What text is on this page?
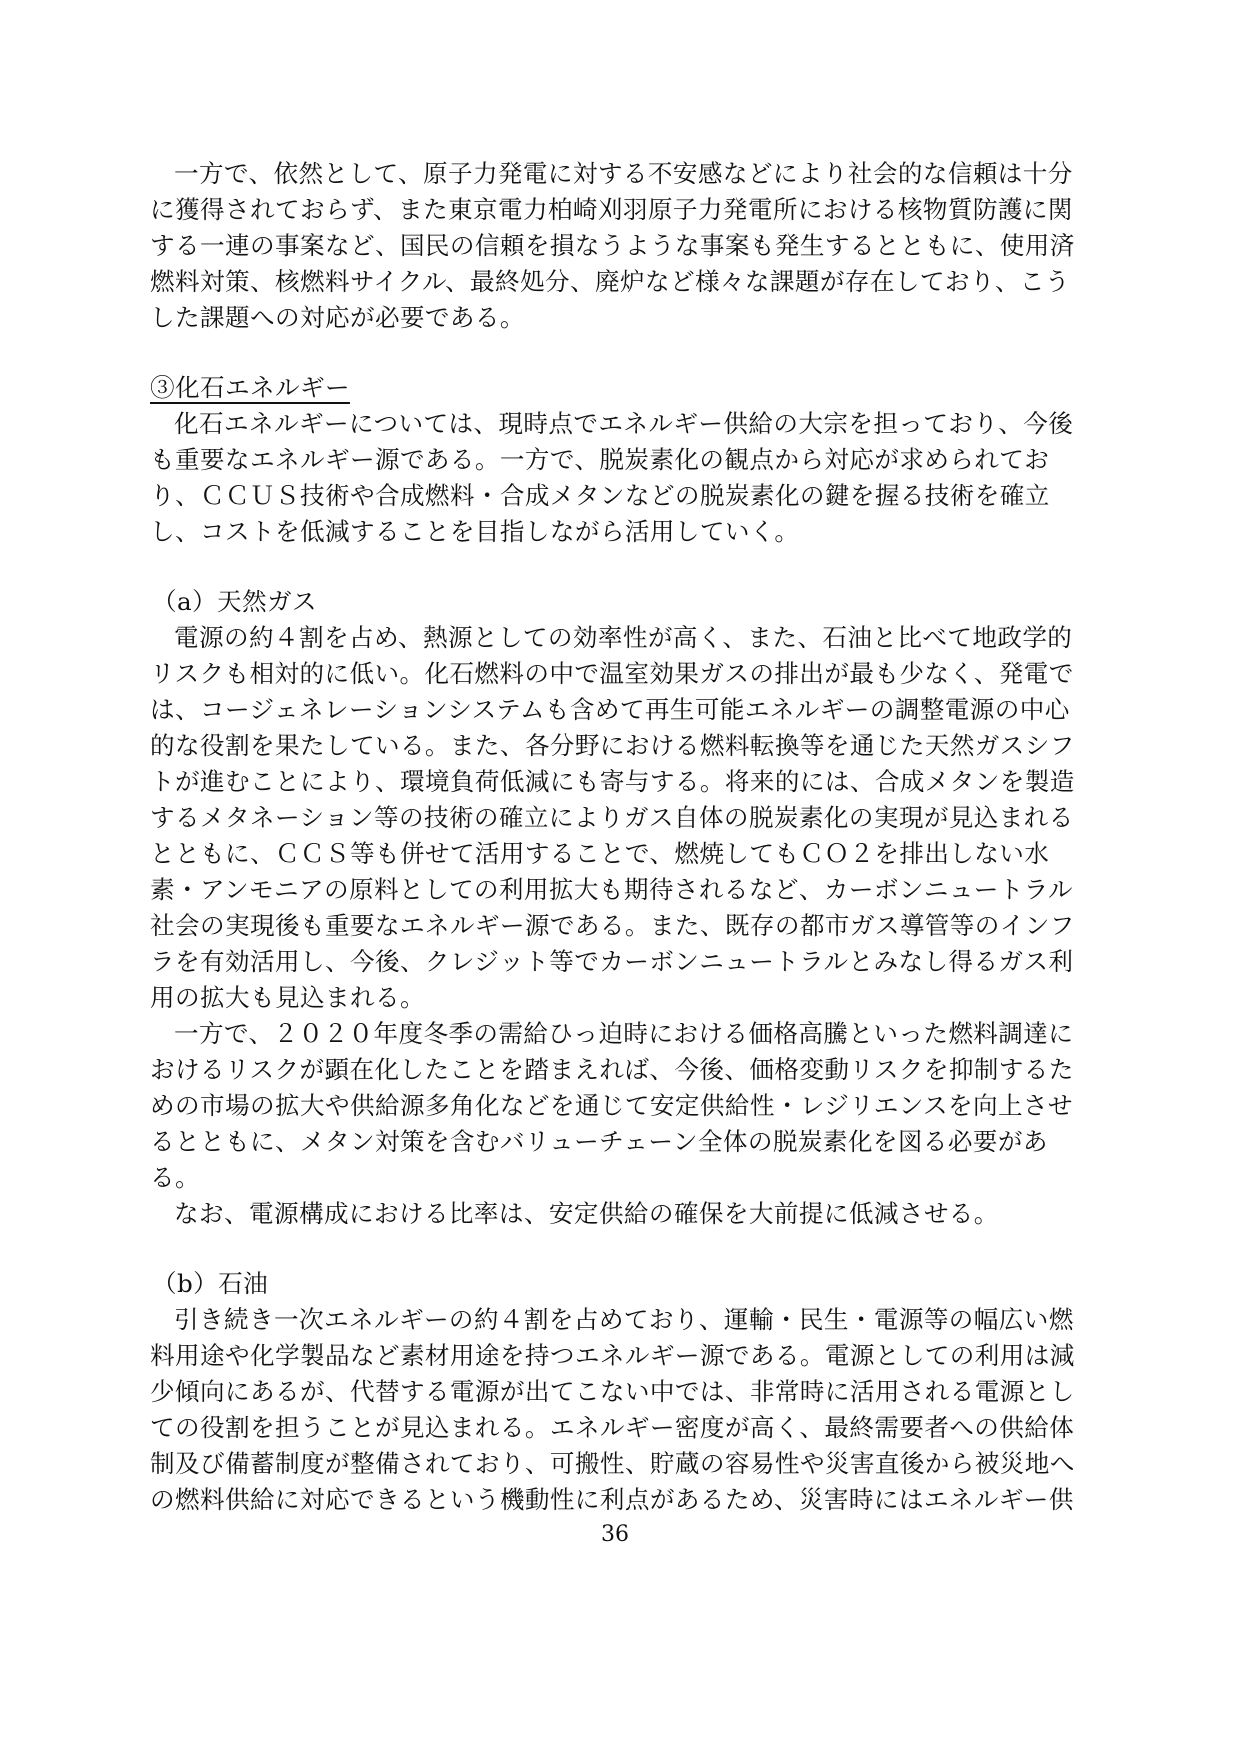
一方で、依然として、原子力発電に対する不安感などにより社会的な信頼は十分
に獲得されておらず、また東京電力柏崎刈羽原子力発電所における核物質防護に関
する一連の事案など、国民の信頼を損なうような事案も発生するとともに、使用済
燃料対策、核燃料サイクル、最終処分、廃炉など様々な課題が存在しており、こう
した課題への対応が必要である。
③化石エネルギー
化石エネルギーについては、現時点でエネルギー供給の大宗を担っており、今後
も重要なエネルギー源である。一方で、脱炭素化の観点から対応が求められてお
り、ＣＣＵＳ技術や合成燃料・合成メタンなどの脱炭素化の鍵を握る技術を確立
し、コストを低減することを目指しながら活用していく。
（a）天然ガス
電源の約４割を占め、熱源としての効率性が高く、また、石油と比べて地政学的
リスクも相対的に低い。化石燃料の中で温室効果ガスの排出が最も少なく、発電で
は、コージェネレーションシステムも含めて再生可能エネルギーの調整電源の中心
的な役割を果たしている。また、各分野における燃料転換等を通じた天然ガスシフ
トが進むことにより、環境負荷低減にも寄与する。将来的には、合成メタンを製造
するメタネーション等の技術の確立によりガス自体の脱炭素化の実現が見込まれる
とともに、ＣＣＳ等も併せて活用することで、燃焼してもＣＯ２を排出しない水
素・アンモニアの原料としての利用拡大も期待されるなど、カーボンニュートラル
社会の実現後も重要なエネルギー源である。また、既存の都市ガス導管等のインフ
ラを有効活用し、今後、クレジット等でカーボンニュートラルとみなし得るガス利
用の拡大も見込まれる。
一方で、２０２０年度冬季の需給ひっ迫時における価格高騰といった燃料調達に
おけるリスクが顕在化したことを踏まえれば、今後、価格変動リスクを抑制するた
めの市場の拡大や供給源多角化などを通じて安定供給性・レジリエンスを向上させ
るとともに、メタン対策を含むバリューチェーン全体の脱炭素化を図る必要があ
る。
なお、電源構成における比率は、安定供給の確保を大前提に低減させる。
（b）石油
引き続き一次エネルギーの約４割を占めており、運輸・民生・電源等の幅広い燃
料用途や化学製品など素材用途を持つエネルギー源である。電源としての利用は減
少傾向にあるが、代替する電源が出てこない中では、非常時に活用される電源とし
ての役割を担うことが見込まれる。エネルギー密度が高く、最終需要者への供給体
制及び備蓄制度が整備されており、可搬性、貯蔵の容易性や災害直後から被災地へ
の燃料供給に対応できるという機動性に利点があるため、災害時にはエネルギー供
36
